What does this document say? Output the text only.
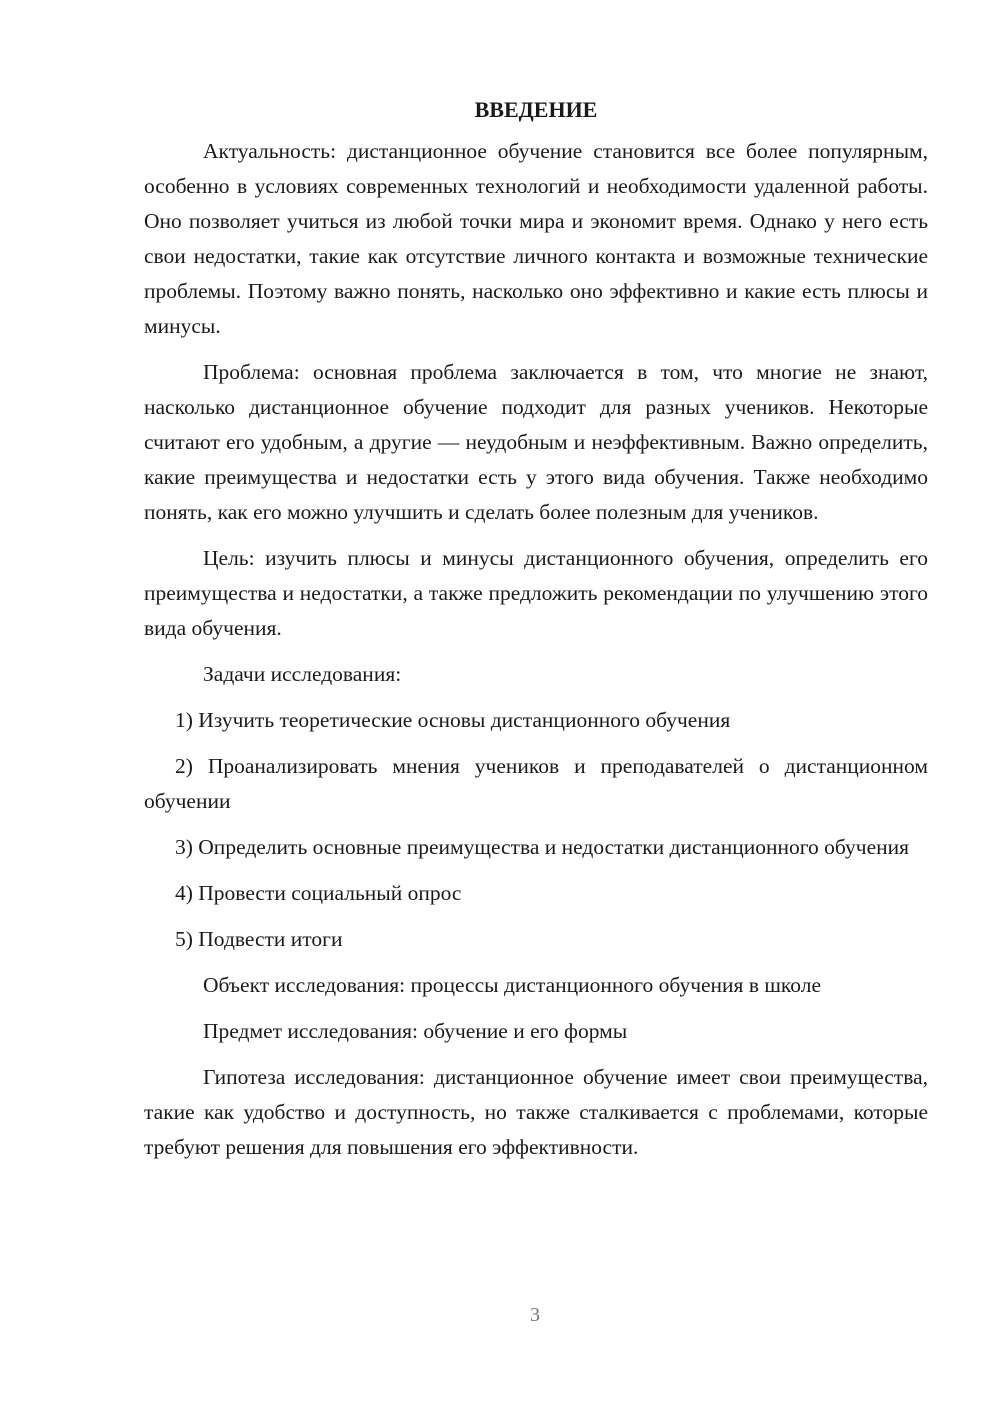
ВВЕДЕНИЕ
Актуальность: дистанционное обучение становится все более популярным, особенно в условиях современных технологий и необходимости удаленной работы. Оно позволяет учиться из любой точки мира и экономит время. Однако у него есть свои недостатки, такие как отсутствие личного контакта и возможные технические проблемы. Поэтому важно понять, насколько оно эффективно и какие есть плюсы и минусы.
Проблема: основная проблема заключается в том, что многие не знают, насколько дистанционное обучение подходит для разных учеников. Некоторые считают его удобным, а другие — неудобным и неэффективным. Важно определить, какие преимущества и недостатки есть у этого вида обучения. Также необходимо понять, как его можно улучшить и сделать более полезным для учеников.
Цель: изучить плюсы и минусы дистанционного обучения, определить его преимущества и недостатки, а также предложить рекомендации по улучшению этого вида обучения.
Задачи исследования:
1) Изучить теоретические основы дистанционного обучения
2) Проанализировать мнения учеников и преподавателей о дистанционном обучении
3) Определить основные преимущества и недостатки дистанционного обучения
4) Провести социальный опрос
5) Подвести итоги
Объект исследования: процессы дистанционного обучения в школе
Предмет исследования: обучение и его формы
Гипотеза исследования: дистанционное обучение имеет свои преимущества, такие как удобство и доступность, но также сталкивается с проблемами, которые требуют решения для повышения его эффективности.
3
